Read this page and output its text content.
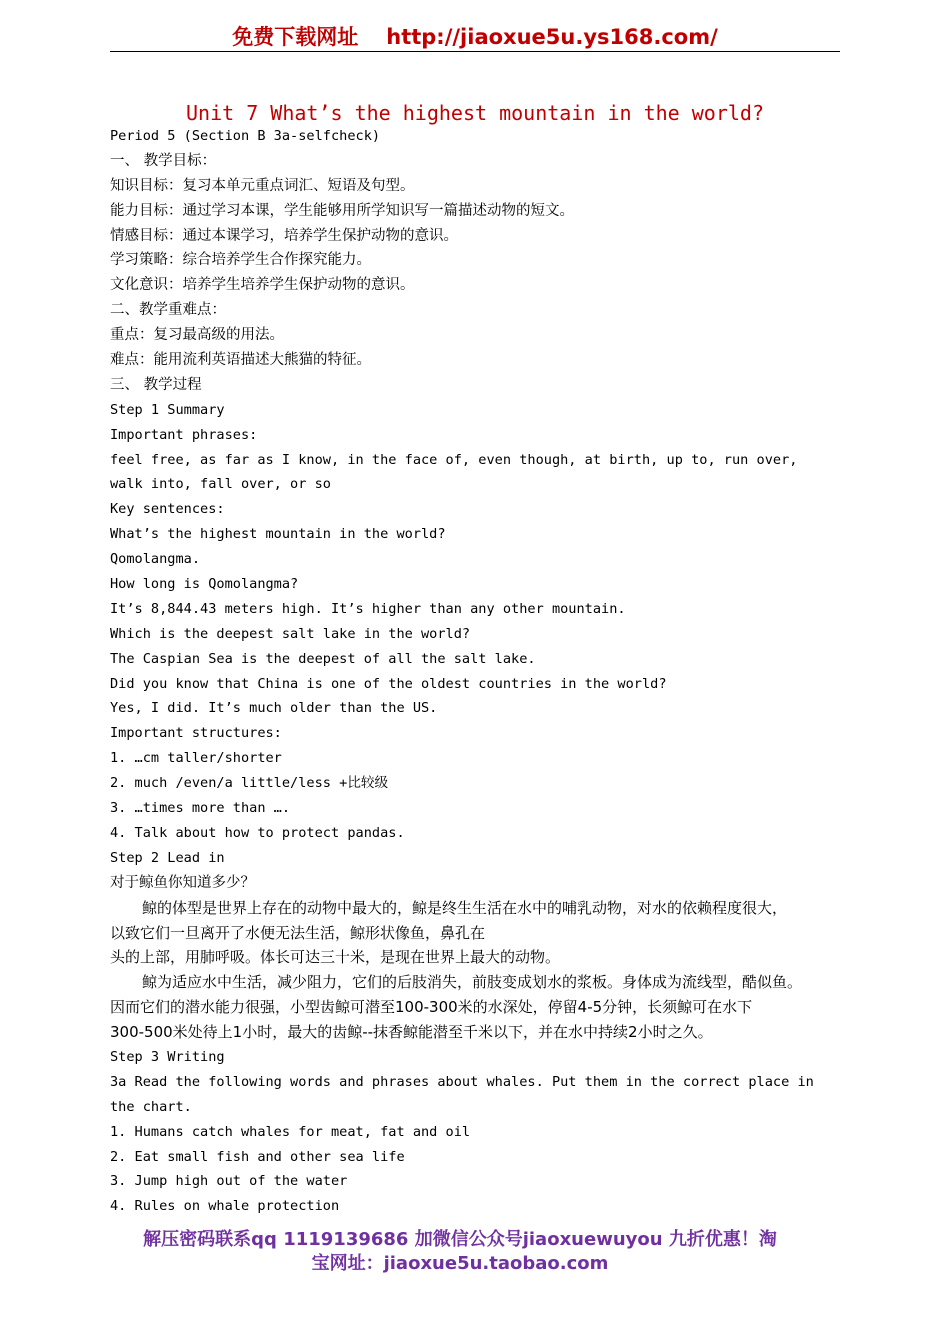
免费下载网址 http://jiaoxue5u.ys168.com/
Unit 7 What’s the highest mountain in the world?
Period 5 (Section B 3a-selfcheck)
一、 教学目标：
知识目标：复习本单元重点词汇、短语及句型。
能力目标：通过学习本课，学生能够用所学知识写一篇描述动物的短文。
情感目标：通过本课学习，培养学生保护动物的意识。
学习策略：综合培养学生合作探究能力。
文化意识：培养学生培养学生保护动物的意识。
二、教学重难点：
重点：复习最高级的用法。
难点：能用流利英语描述大熊猫的特征。
三、 教学过程
Step 1 Summary
Important phrases:
feel free, as far as I know, in the face of, even though, at birth, up to, run over,
walk into, fall over, or so
Key sentences:
What’s the highest mountain in the world?
Qomolangma.
How long is Qomolangma?
It’s 8,844.43 meters high. It’s higher than any other mountain.
Which is the deepest salt lake in the world?
The Caspian Sea is the deepest of all the salt lake.
Did you know that China is one of the oldest countries in the world?
Yes, I did. It’s much older than the US.
Important structures:
1. …cm taller/shorter
2. much /even/a little/less +比较级
3. …times more than ….
4. Talk about how to protect pandas.
Step 2 Lead in
对于鲸鱼你知道多少？
鲸的体型是世界上存在的动物中最大的，鲸是终生生活在水中的哺乳动物，对水的依赖程度很大，
以致它们一旦离开了水便无法生活，鲸形状像鱼，鼻孔在
头的上部，用肺呼吸。体长可达三十米，是现在世界上最大的动物。
鲸为适应水中生活，减少阻力，它们的后肢消失，前肢变成划水的浆板。身体成为流线型，酷似鱼。
因而它们的潜水能力很强，小型齿鲸可潜至100-300米的水深处，停留4-5分钟，长须鲸可在水下
300-500米处待上1小时，最大的齿鲸--抹香鲸能潜至千米以下，并在水中持续2小时之久。
Step 3 Writing
3a Read the following words and phrases about whales. Put them in the correct place in
the chart.
1. Humans catch whales for meat, fat and oil
2. Eat small fish and other sea life
3. Jump high out of the water
4. Rules on whale protection
解压密码联系qq 1119139686 加微信公众号jiaoxuewuyou 九折优惠！淘
宝网址：jiaoxue5u.taobao.com
